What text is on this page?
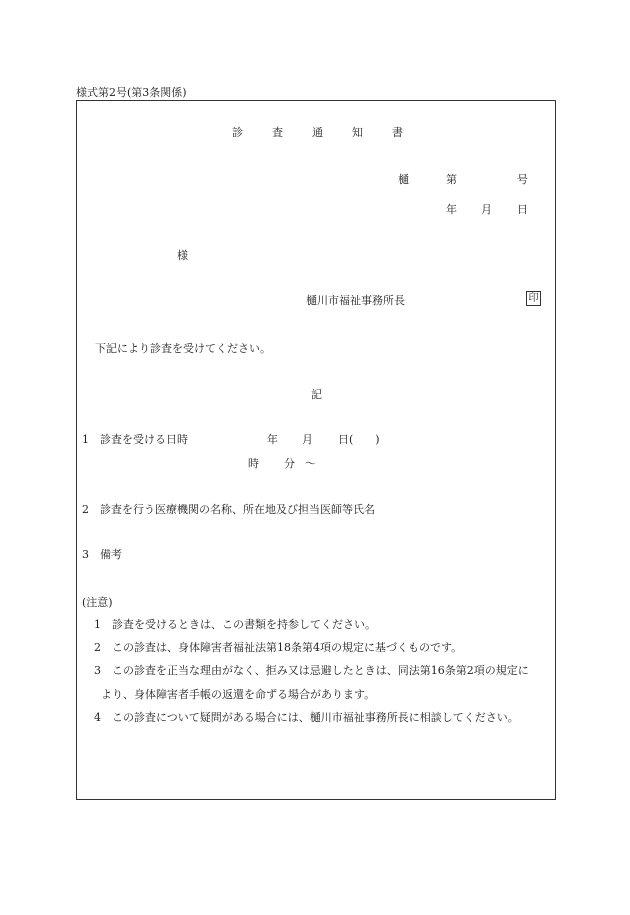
様式第2号(第3条関係)
診	査	通	知	書
樋	第	号
年 月 日
様
樋川市福祉事務所長	印
下記により診査を受けてください。
記
1　診査を受ける日時	年 月 日(　　)
時 分 ～
2　診査を行う医療機関の名称、所在地及び担当医師等氏名
3　備考
(注意)
1　診査を受けるときは、この書類を持参してください。
2　この診査は、身体障害者福祉法第18条第4項の規定に基づくものです。
3　この診査を正当な理由がなく、拒み又は忌避したときは、同法第16条第2項の規定に
より、身体障害者手帳の返還を命ずる場合があります。
4　この診査について疑問がある場合には、樋川市福祉事務所長に相談してください。
